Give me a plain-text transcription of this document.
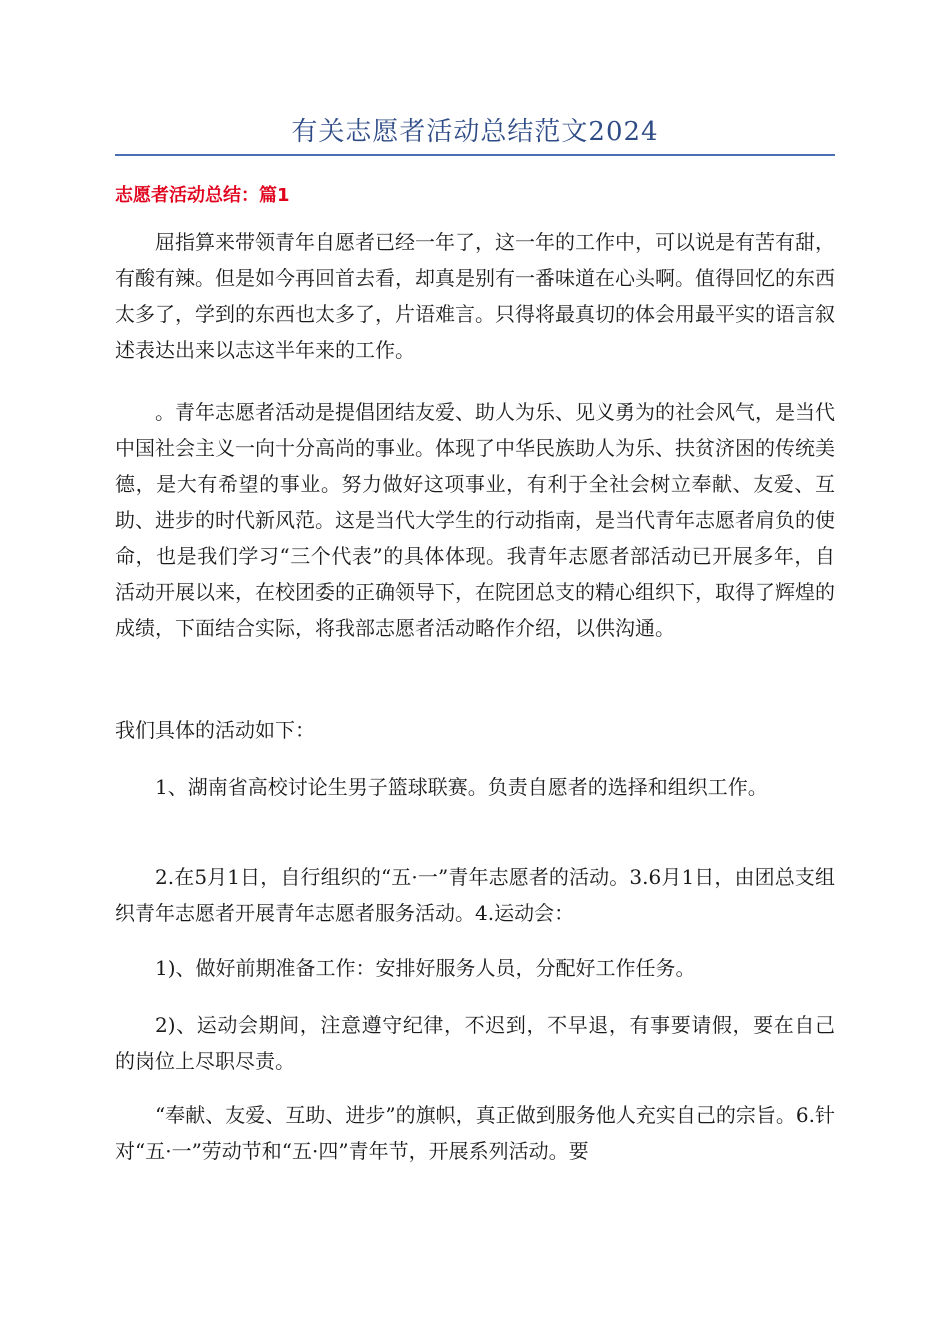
有关志愿者活动总结范文2024
志愿者活动总结：篇1

屈指算来带领青年自愿者已经一年了，这一年的工作中，可以说是有苦有甜，有酸有辣。但是如今再回首去看，却真是别有一番味道在心头啊。值得回忆的东西太多了，学到的东西也太多了，片语难言。只得将最真切的体会用最平实的语言叙述表达出来以志这半年来的工作。

。青年志愿者活动是提倡团结友爱、助人为乐、见义勇为的社会风气，是当代中国社会主义一向十分高尚的事业。体现了中华民族助人为乐、扶贫济困的传统美德，是大有希望的事业。努力做好这项事业，有利于全社会树立奉献、友爱、互助、进步的时代新风范。这是当代大学生的行动指南，是当代青年志愿者肩负的使命，也是我们学习“三个代表”的具体体现。我青年志愿者部活动已开展多年，自活动开展以来，在校团委的正确领导下，在院团总支的精心组织下，取得了辉煌的成绩，下面结合实际，将我部志愿者活动略作介绍，以供沟通。

我们具体的活动如下：

1、湖南省高校讨论生男子篮球联赛。负责自愿者的选择和组织工作。

2.在5月1日，自行组织的“五·一”青年志愿者的活动。3.6月1日，由团总支组织青年志愿者开展青年志愿者服务活动。4.运动会：

1)、做好前期准备工作：安排好服务人员，分配好工作任务。

2)、运动会期间，注意遵守纪律，不迟到，不早退，有事要请假，要在自己的岗位上尽职尽责。

“奉献、友爱、互助、进步”的旗帜，真正做到服务他人充实自己的宗旨。6.针对“五·一”劳动节和“五·四”青年节，开展系列活动。要
